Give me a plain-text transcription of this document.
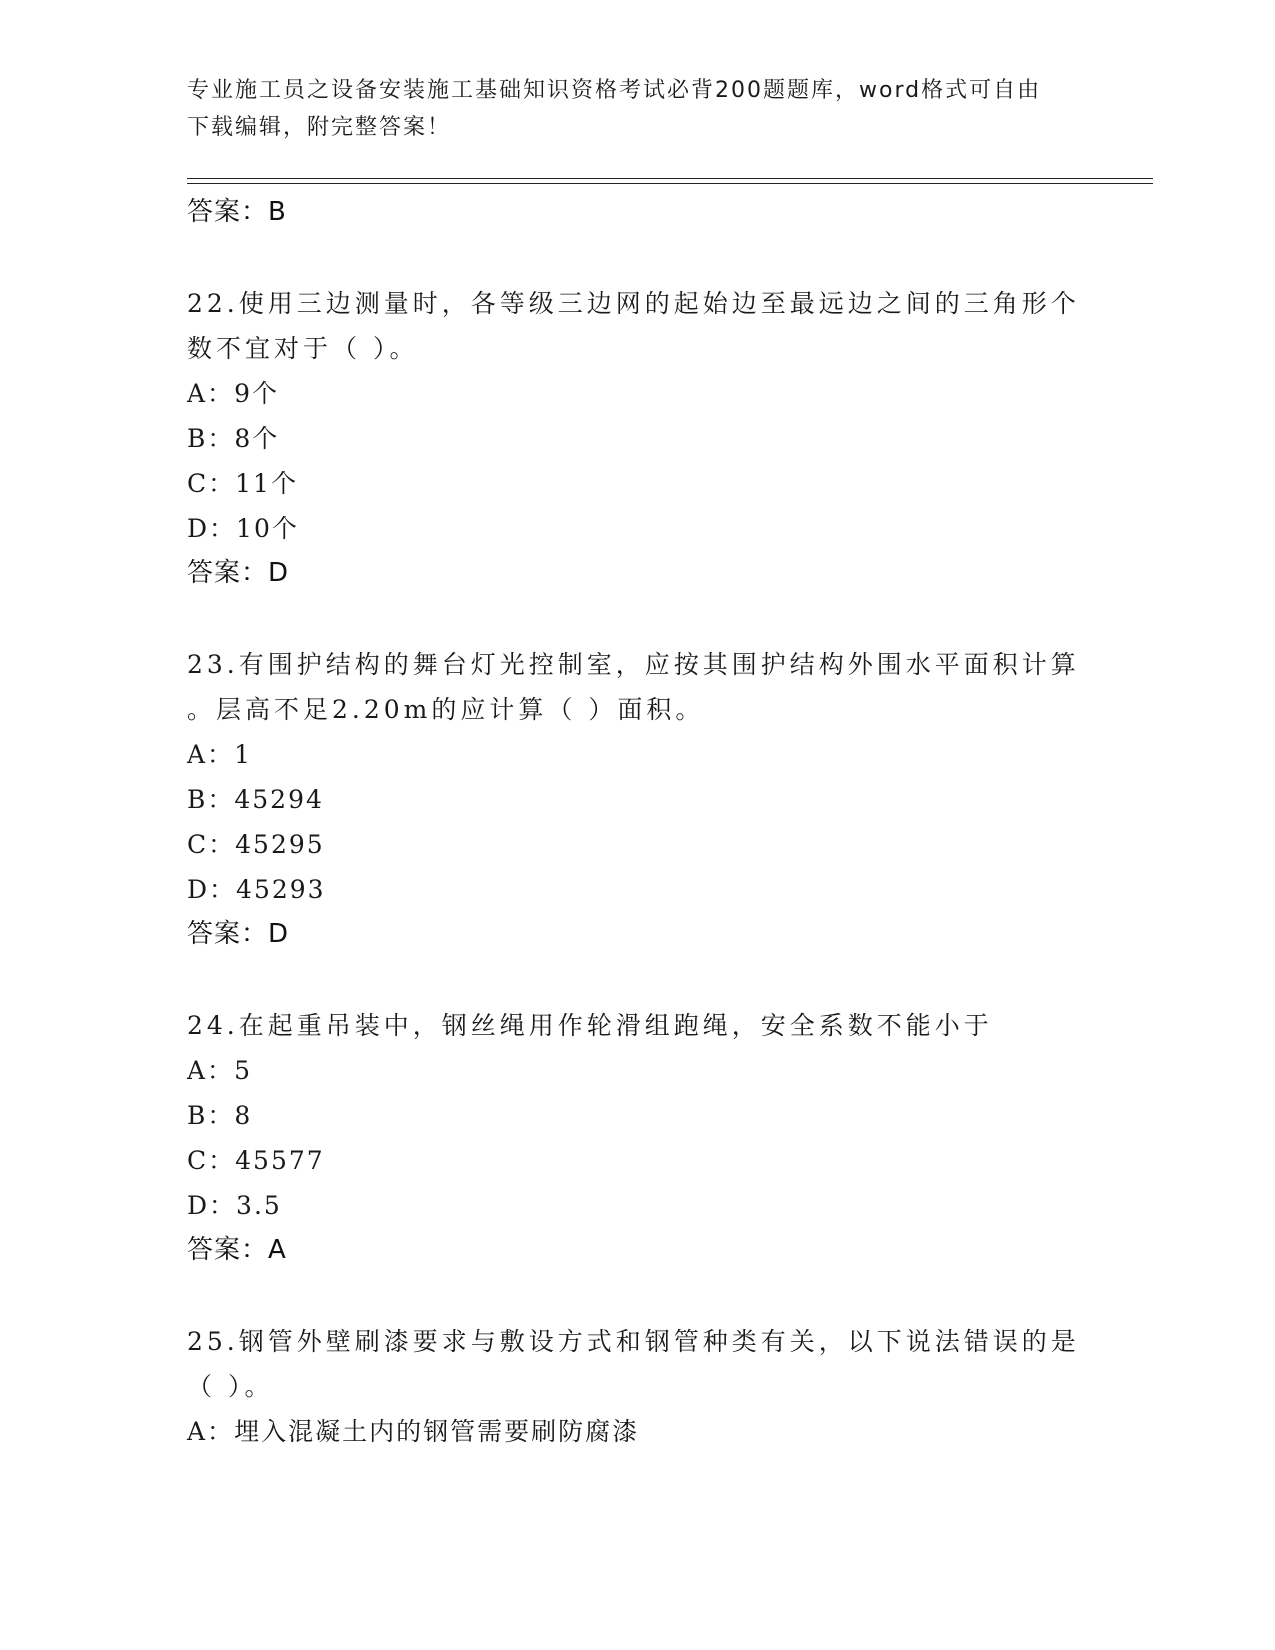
专业施工员之设备安装施工基础知识资格考试必背200题题库，word格式可自由
下载编辑，附完整答案！
答案：B
22.使用三边测量时，各等级三边网的起始边至最远边之间的三角形个
数不宜对于（ ）。
A：9个
B：8个
C：11个
D：10个
答案：D
23.有围护结构的舞台灯光控制室，应按其围护结构外围水平面积计算
。层高不足2.20m的应计算（ ）面积。
A：1
B：45294
C：45295
D：45293
答案：D
24.在起重吊装中，钢丝绳用作轮滑组跑绳，安全系数不能小于
A：5
B：8
C：45577
D：3.5
答案：A
25.钢管外壁刷漆要求与敷设方式和钢管种类有关，以下说法错误的是
（ ）。
A：埋入混凝土内的钢管需要刷防腐漆
